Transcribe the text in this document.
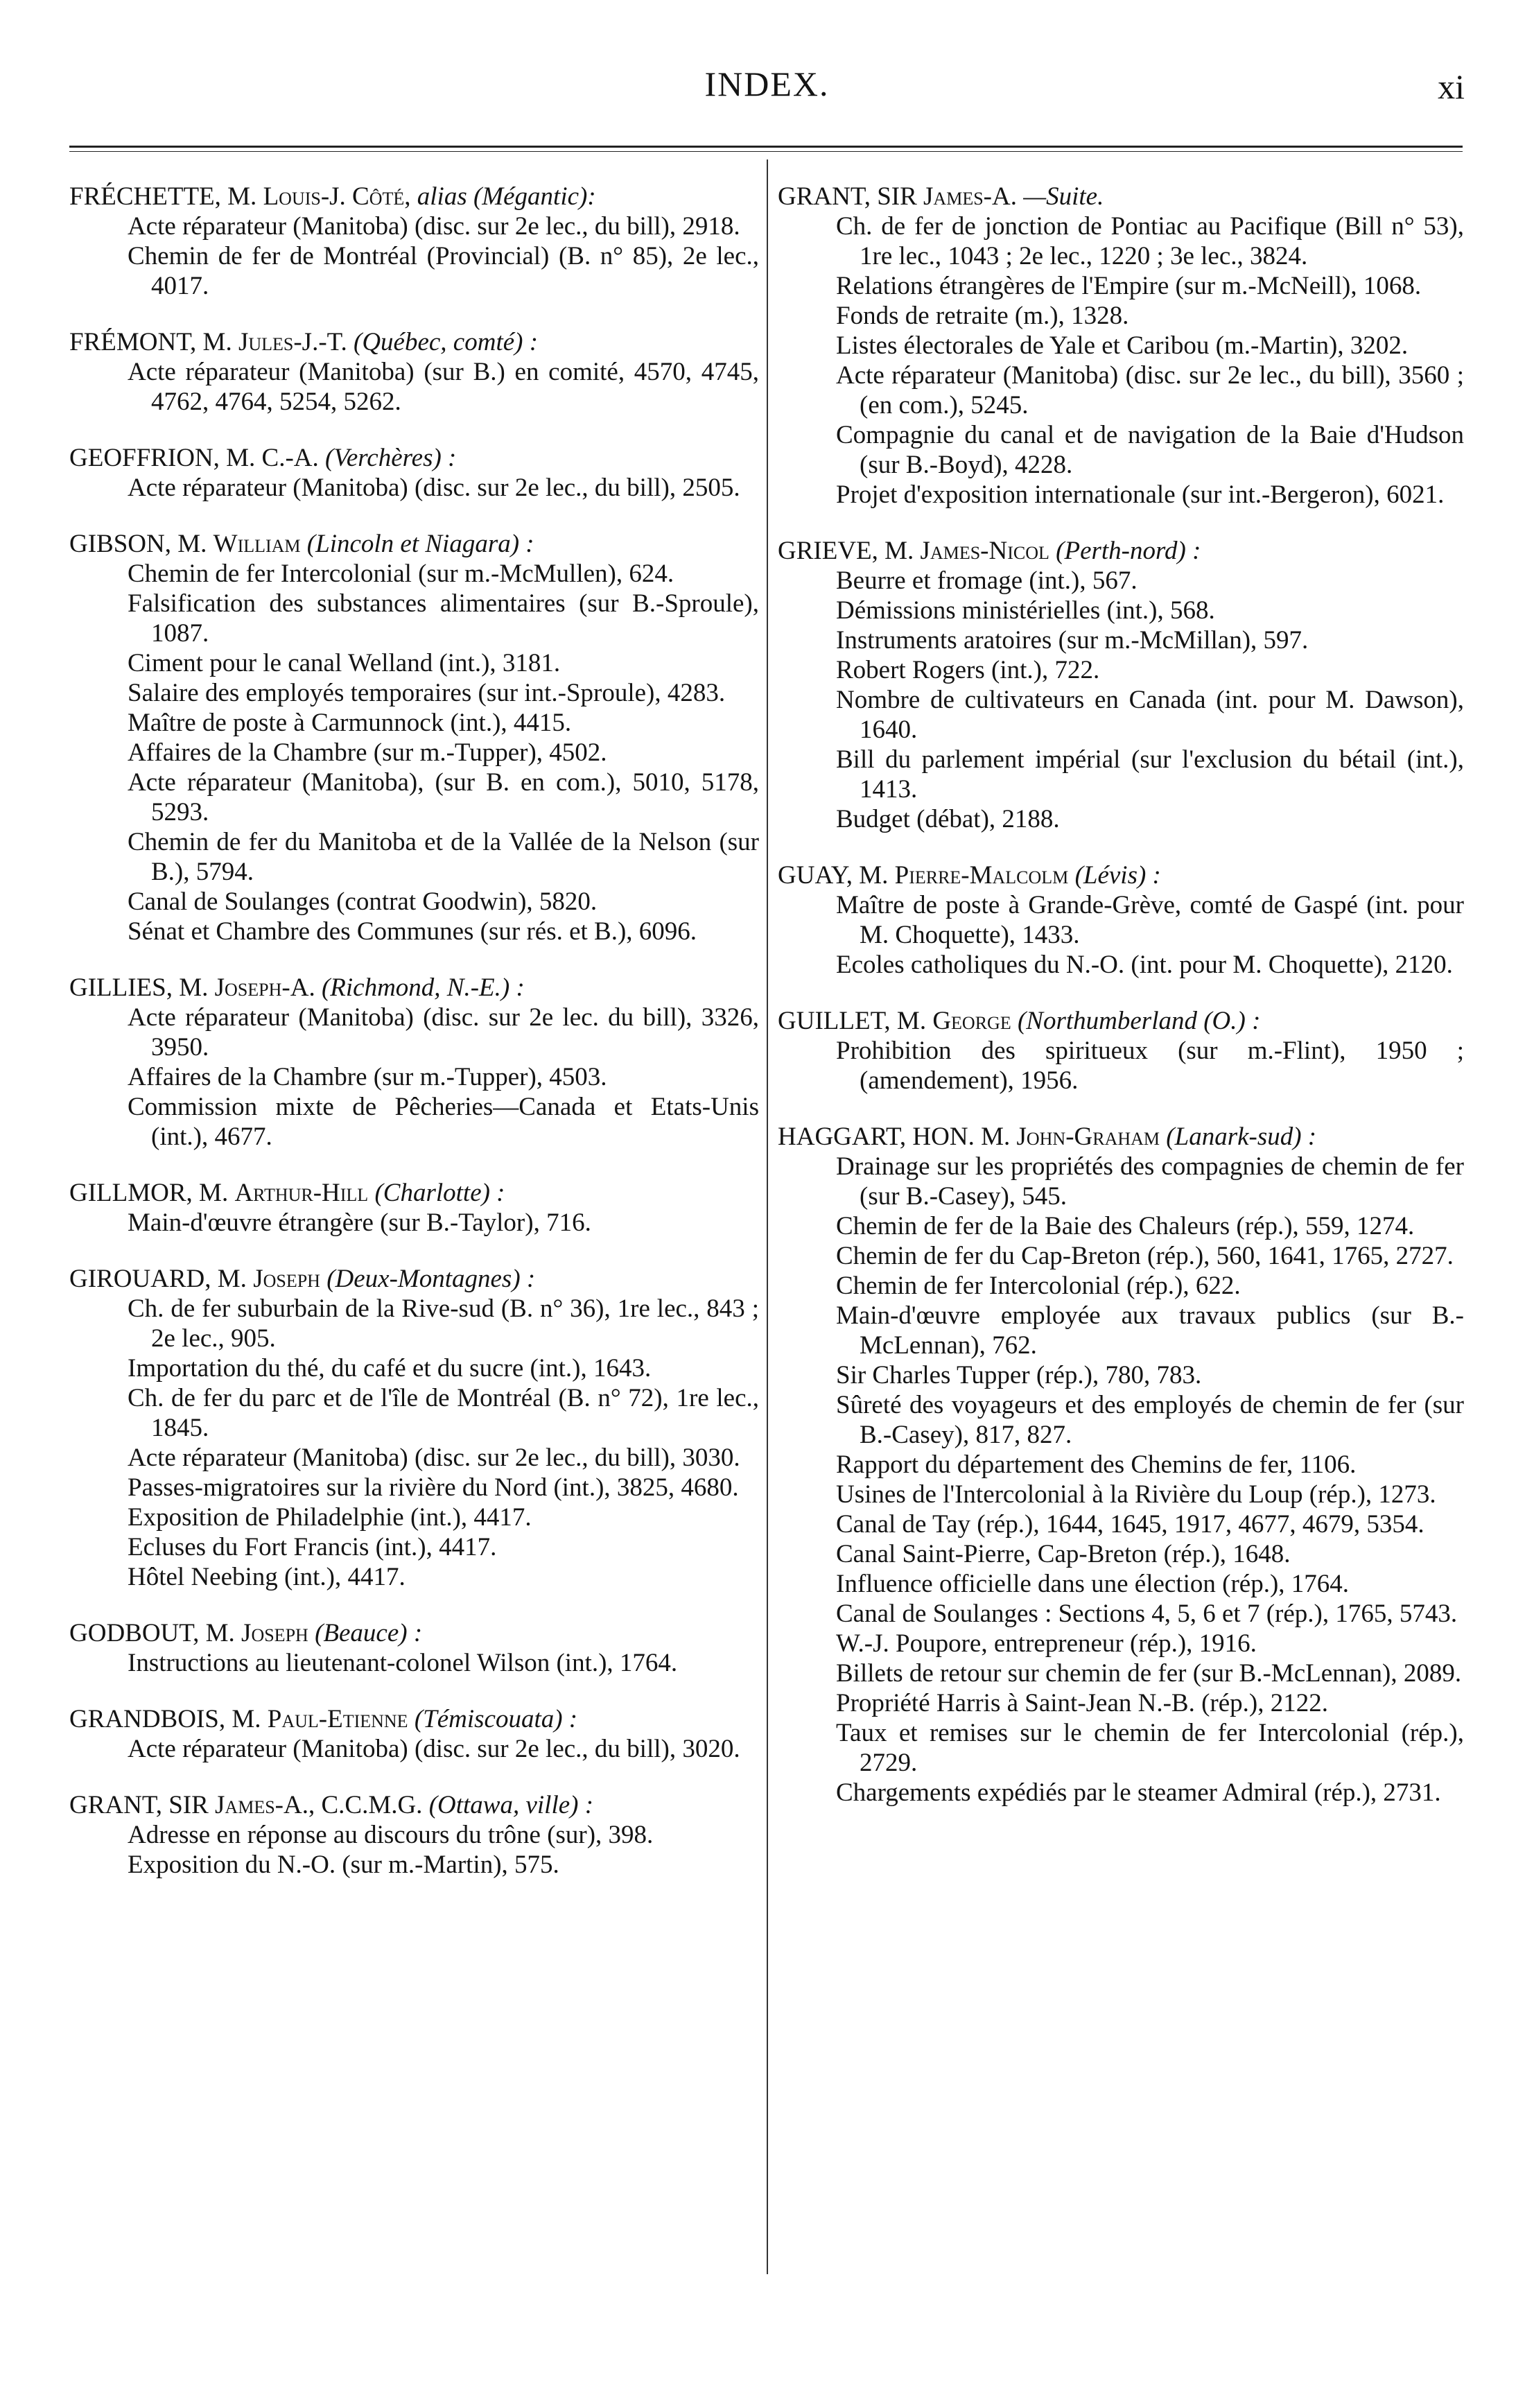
INDEX.	xi
FRÉCHETTE, M. Louis-J. Côté, alias (Mégantic):
Acte réparateur (Manitoba) (disc. sur 2e lec., du bill), 2918.
Chemin de fer de Montréal (Provincial) (B. n° 85), 2e lec., 4017.
FRÉMONT, M. Jules-J.-T. (Québec, comté) :
Acte réparateur (Manitoba) (sur B.) en comité, 4570, 4745, 4762, 4764, 5254, 5262.
GEOFFRION, M. C.-A. (Verchères) :
Acte réparateur (Manitoba) (disc. sur 2e lec., du bill), 2505.
GIBSON, M. William (Lincoln et Niagara) :
Chemin de fer Intercolonial (sur m.-McMullen), 624.
Falsification des substances alimentaires (sur B.-Sproule), 1087.
Ciment pour le canal Welland (int.), 3181.
Salaire des employés temporaires (sur int.-Sproule), 4283.
Maître de poste à Carmunnock (int.), 4415.
Affaires de la Chambre (sur m.-Tupper), 4502.
Acte réparateur (Manitoba), (sur B. en com.), 5010, 5178, 5293.
Chemin de fer du Manitoba et de la Vallée de la Nelson (sur B.), 5794.
Canal de Soulanges (contrat Goodwin), 5820.
Sénat et Chambre des Communes (sur rés. et B.), 6096.
GILLIES, M. Joseph-A. (Richmond, N.-E.) :
Acte réparateur (Manitoba) (disc. sur 2e lec. du bill), 3326, 3950.
Affaires de la Chambre (sur m.-Tupper), 4503.
Commission mixte de Pêcheries—Canada et Etats-Unis (int.), 4677.
GILLMOR, M. Arthur-Hill (Charlotte) :
Main-d'œuvre étrangère (sur B.-Taylor), 716.
GIROUARD, M. Joseph (Deux-Montagnes) :
Ch. de fer suburbain de la Rive-sud (B. n° 36), 1re lec., 843 ; 2e lec., 905.
Importation du thé, du café et du sucre (int.), 1643.
Ch. de fer du parc et de l'île de Montréal (B. n° 72), 1re lec., 1845.
Acte réparateur (Manitoba) (disc. sur 2e lec., du bill), 3030.
Passes-migratoires sur la rivière du Nord (int.), 3825, 4680.
Exposition de Philadelphie (int.), 4417.
Ecluses du Fort Francis (int.), 4417.
Hôtel Neebing (int.), 4417.
GODBOUT, M. Joseph (Beauce) :
Instructions au lieutenant-colonel Wilson (int.), 1764.
GRANDBOIS, M. Paul-Etienne (Témiscouata) :
Acte réparateur (Manitoba) (disc. sur 2e lec., du bill), 3020.
GRANT, SIR James-A., C.C.M.G. (Ottawa, ville) :
Adresse en réponse au discours du trône (sur), 398.
Exposition du N.-O. (sur m.-Martin), 575.
GRANT, SIR James-A. —Suite.
Ch. de fer de jonction de Pontiac au Pacifique (Bill n° 53), 1re lec., 1043 ; 2e lec., 1220 ; 3e lec., 3824.
Relations étrangères de l'Empire (sur m.-McNeill), 1068.
Fonds de retraite (m.), 1328.
Listes électorales de Yale et Caribou (m.-Martin), 3202.
Acte réparateur (Manitoba) (disc. sur 2e lec., du bill), 3560 ; (en com.), 5245.
Compagnie du canal et de navigation de la Baie d'Hudson (sur B.-Boyd), 4228.
Projet d'exposition internationale (sur int.-Bergeron), 6021.
GRIEVE, M. James-Nicol (Perth-nord) :
Beurre et fromage (int.), 567.
Démissions ministérielles (int.), 568.
Instruments aratoires (sur m.-McMillan), 597.
Robert Rogers (int.), 722.
Nombre de cultivateurs en Canada (int. pour M. Dawson), 1640.
Bill du parlement impérial (sur l'exclusion du bétail (int.), 1413.
Budget (débat), 2188.
GUAY, M. Pierre-Malcolm (Lévis) :
Maître de poste à Grande-Grève, comté de Gaspé (int. pour M. Choquette), 1433.
Ecoles catholiques du N.-O. (int. pour M. Choquette), 2120.
GUILLET, M. George (Northumberland (O.) :
Prohibition des spiritueux (sur m.-Flint), 1950 ; (amendement), 1956.
HAGGART, HON. M. John-Graham (Lanark-sud) :
Drainage sur les propriétés des compagnies de chemin de fer (sur B.-Casey), 545.
Chemin de fer de la Baie des Chaleurs (rép.), 559, 1274.
Chemin de fer du Cap-Breton (rép.), 560, 1641, 1765, 2727.
Chemin de fer Intercolonial (rép.), 622.
Main-d'œuvre employée aux travaux publics (sur B.-McLennan), 762.
Sir Charles Tupper (rép.), 780, 783.
Sûreté des voyageurs et des employés de chemin de fer (sur B.-Casey), 817, 827.
Rapport du département des Chemins de fer, 1106.
Usines de l'Intercolonial à la Rivière du Loup (rép.), 1273.
Canal de Tay (rép.), 1644, 1645, 1917, 4677, 4679, 5354.
Canal Saint-Pierre, Cap-Breton (rép.), 1648.
Influence officielle dans une élection (rép.), 1764.
Canal de Soulanges : Sections 4, 5, 6 et 7 (rép.), 1765, 5743.
W.-J. Poupore, entrepreneur (rép.), 1916.
Billets de retour sur chemin de fer (sur B.-McLennan), 2089.
Propriété Harris à Saint-Jean N.-B. (rép.), 2122.
Taux et remises sur le chemin de fer Intercolonial (rép.), 2729.
Chargements expédiés par le steamer Admiral (rép.), 2731.
